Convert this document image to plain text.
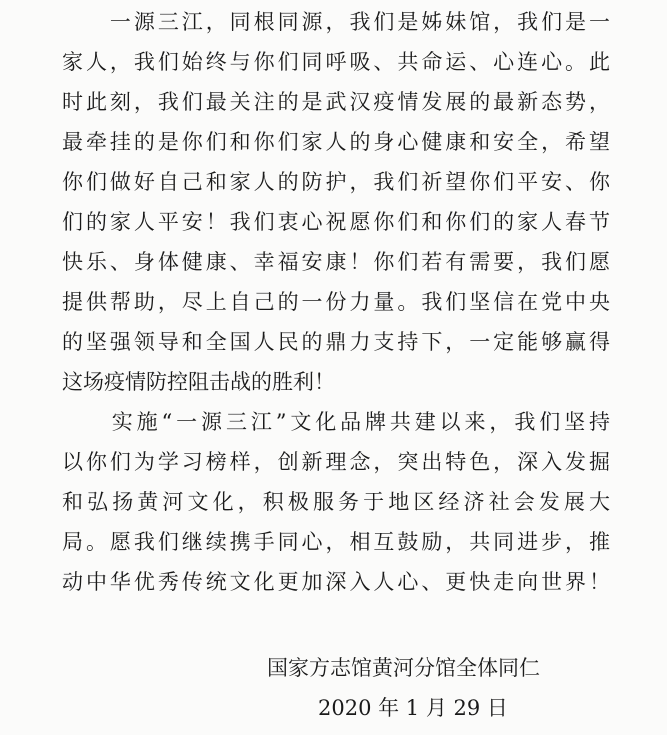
　　一源三江，同根同源，我们是姊妹馆，我们是一
家人，我们始终与你们同呼吸、共命运、心连心。此
时此刻，我们最关注的是武汉疫情发展的最新态势，
最牵挂的是你们和你们家人的身心健康和安全，希望
你们做好自己和家人的防护，我们祈望你们平安、你
们的家人平安！我们衷心祝愿你们和你们的家人春节
快乐、身体健康、幸福安康！你们若有需要，我们愿
提供帮助，尽上自己的一份力量。我们坚信在党中央
的坚强领导和全国人民的鼎力支持下，一定能够赢得
这场疫情防控阻击战的胜利！
　　实施“一源三江”文化品牌共建以来，我们坚持
以你们为学习榜样，创新理念，突出特色，深入发掘
和弘扬黄河文化，积极服务于地区经济社会发展大
局。愿我们继续携手同心，相互鼓励，共同进步，推
动中华优秀传统文化更加深入人心、更快走向世界！
国家方志馆黄河分馆全体同仁
2020 年 1 月 29 日
